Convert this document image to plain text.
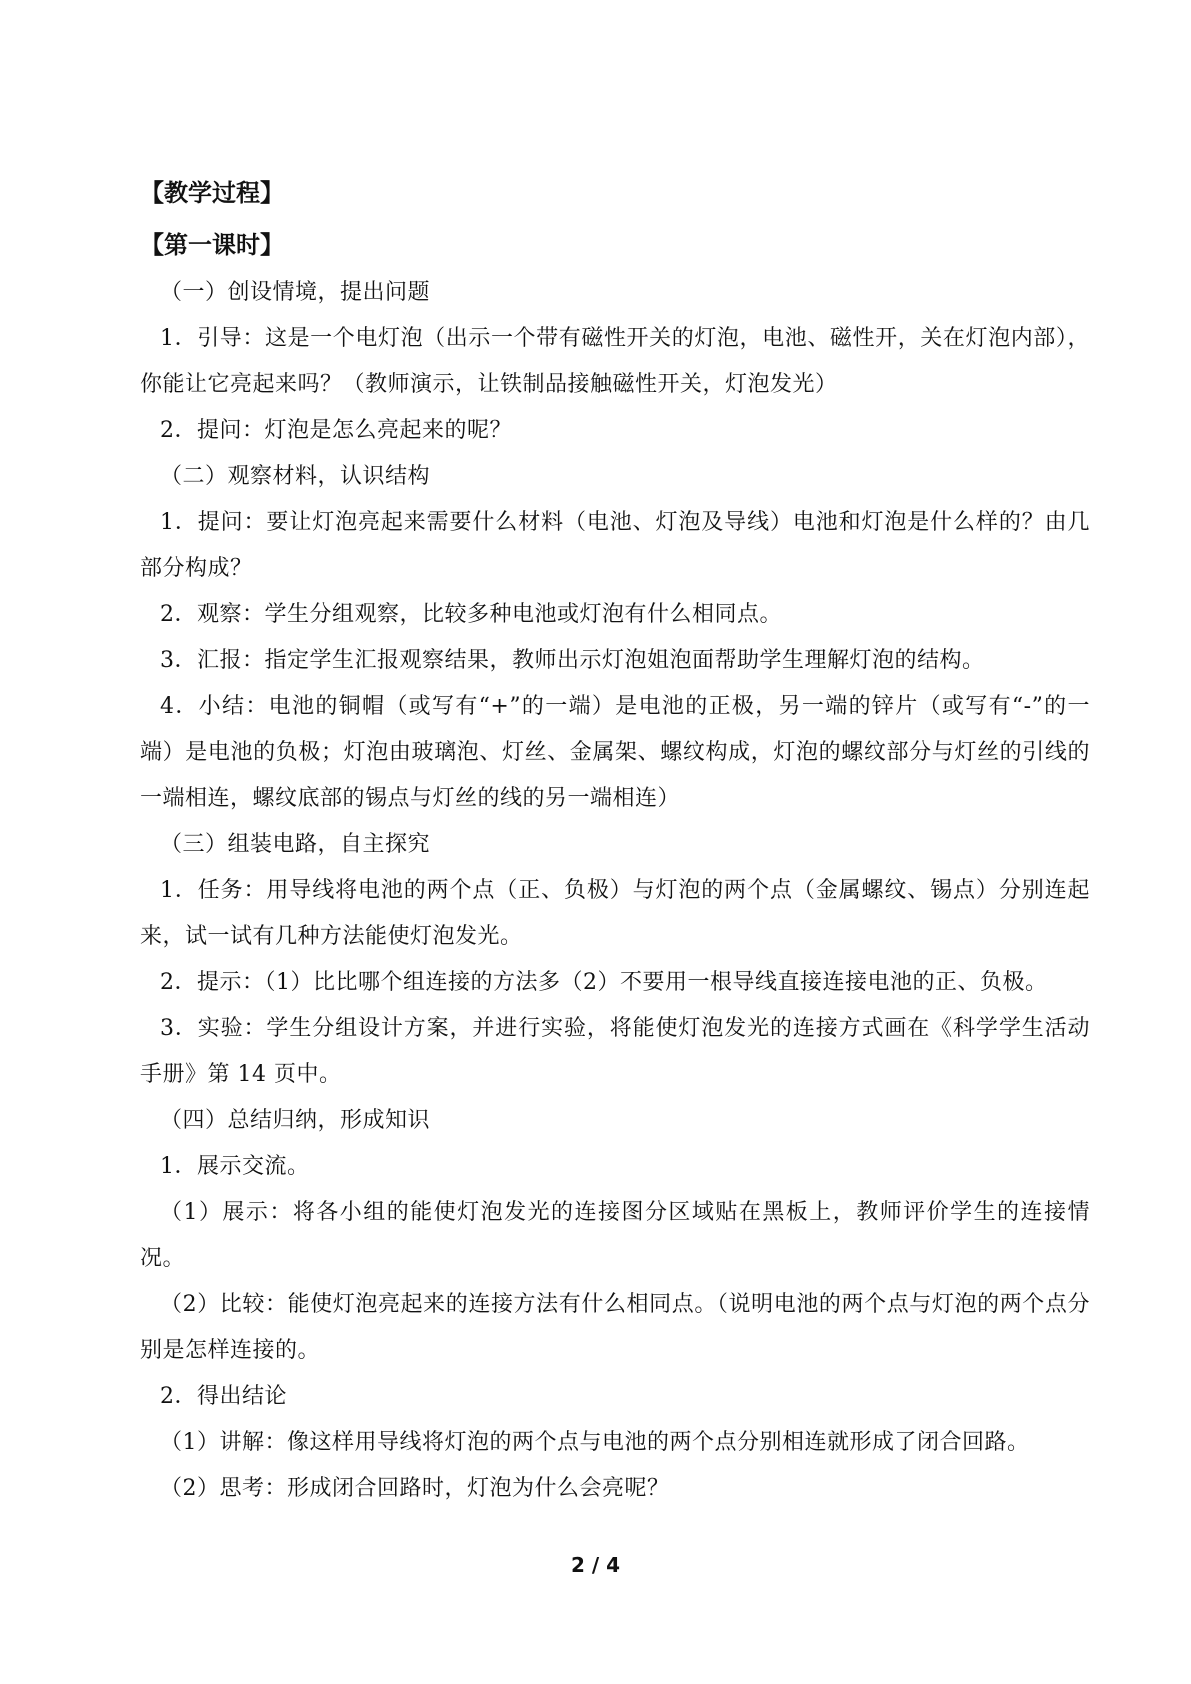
【教学过程】

【第一课时】

（一）创设情境，提出问题

1．引导：这是一个电灯泡（出示一个带有磁性开关的灯泡，电池、磁性开，关在灯泡内部），你能让它亮起来吗？（教师演示，让铁制品接触磁性开关，灯泡发光）

2．提问：灯泡是怎么亮起来的呢？

（二）观察材料，认识结构

1．提问：要让灯泡亮起来需要什么材料（电池、灯泡及导线）电池和灯泡是什么样的？由几部分构成？

2．观察：学生分组观察，比较多种电池或灯泡有什么相同点。

3．汇报：指定学生汇报观察结果，教师出示灯泡姐泡面帮助学生理解灯泡的结构。

4．小结：电池的铜帽（或写有“+”的一端）是电池的正极，另一端的锌片（或写有“-”的一端）是电池的负极；灯泡由玻璃泡、灯丝、金属架、螺纹构成，灯泡的螺纹部分与灯丝的引线的一端相连，螺纹底部的锡点与灯丝的线的另一端相连）

（三）组装电路，自主探究

1．任务：用导线将电池的两个点（正、负极）与灯泡的两个点（金属螺纹、锡点）分别连起来，试一试有几种方法能使灯泡发光。

2．提示：（1）比比哪个组连接的方法多（2）不要用一根导线直接连接电池的正、负极。

3．实验：学生分组设计方案，并进行实验，将能使灯泡发光的连接方式画在《科学学生活动手册》第 14 页中。

（四）总结归纳，形成知识

1．展示交流。

（1）展示：将各小组的能使灯泡发光的连接图分区域贴在黑板上，教师评价学生的连接情况。

（2）比较：能使灯泡亮起来的连接方法有什么相同点。（说明电池的两个点与灯泡的两个点分别是怎样连接的。

2．得出结论

（1）讲解：像这样用导线将灯泡的两个点与电池的两个点分别相连就形成了闭合回路。

（2）思考：形成闭合回路时，灯泡为什么会亮呢？

2 / 4
